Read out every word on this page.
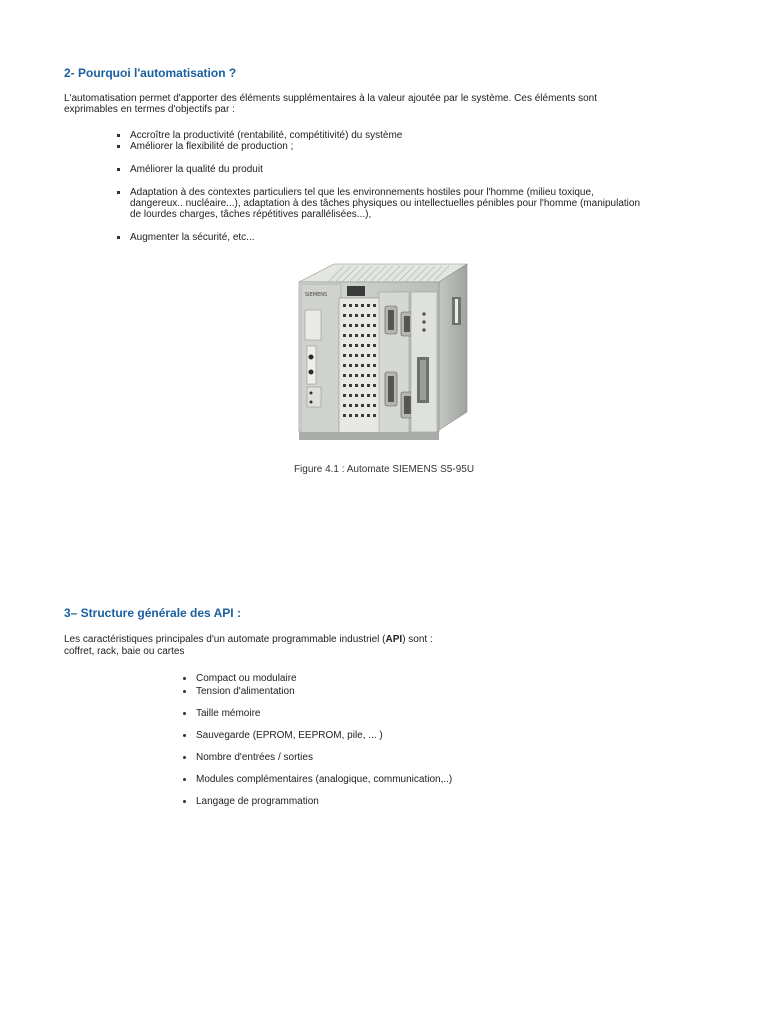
2- Pourquoi l'automatisation ?

L'automatisation permet d'apporter des éléments supplémentaires à la valeur ajoutée par le système. Ces éléments sont
exprimables en termes d'objectifs par :

Accroître la productivité (rentabilité, compétitivité) du système
Améliorer la flexibilité de production ;
Améliorer la qualité du produit
Adaptation à des contextes particuliers tel que les environnements hostiles pour l'homme (milieu toxique,
dangereux.. nucléaire...), adaptation à des tâches physiques ou intellectuelles pénibles pour l'homme (manipulation
de lourdes charges, tâches répétitives parallélisées...),
Augmenter la sécurité, etc...
SIEMENS

Figure 4.1 : Automate SIEMENS S5-95U

3– Structure générale des API :

Les caractéristiques principales d'un automate programmable industriel (API) sont :
coffret, rack, baie ou cartes

Compact ou modulaire
Tension d'alimentation
Taille mémoire
Sauvegarde (EPROM, EEPROM, pile, ... )
Nombre d'entrées / sorties
Modules complémentaires (analogique, communication,..)
Langage de programmation
